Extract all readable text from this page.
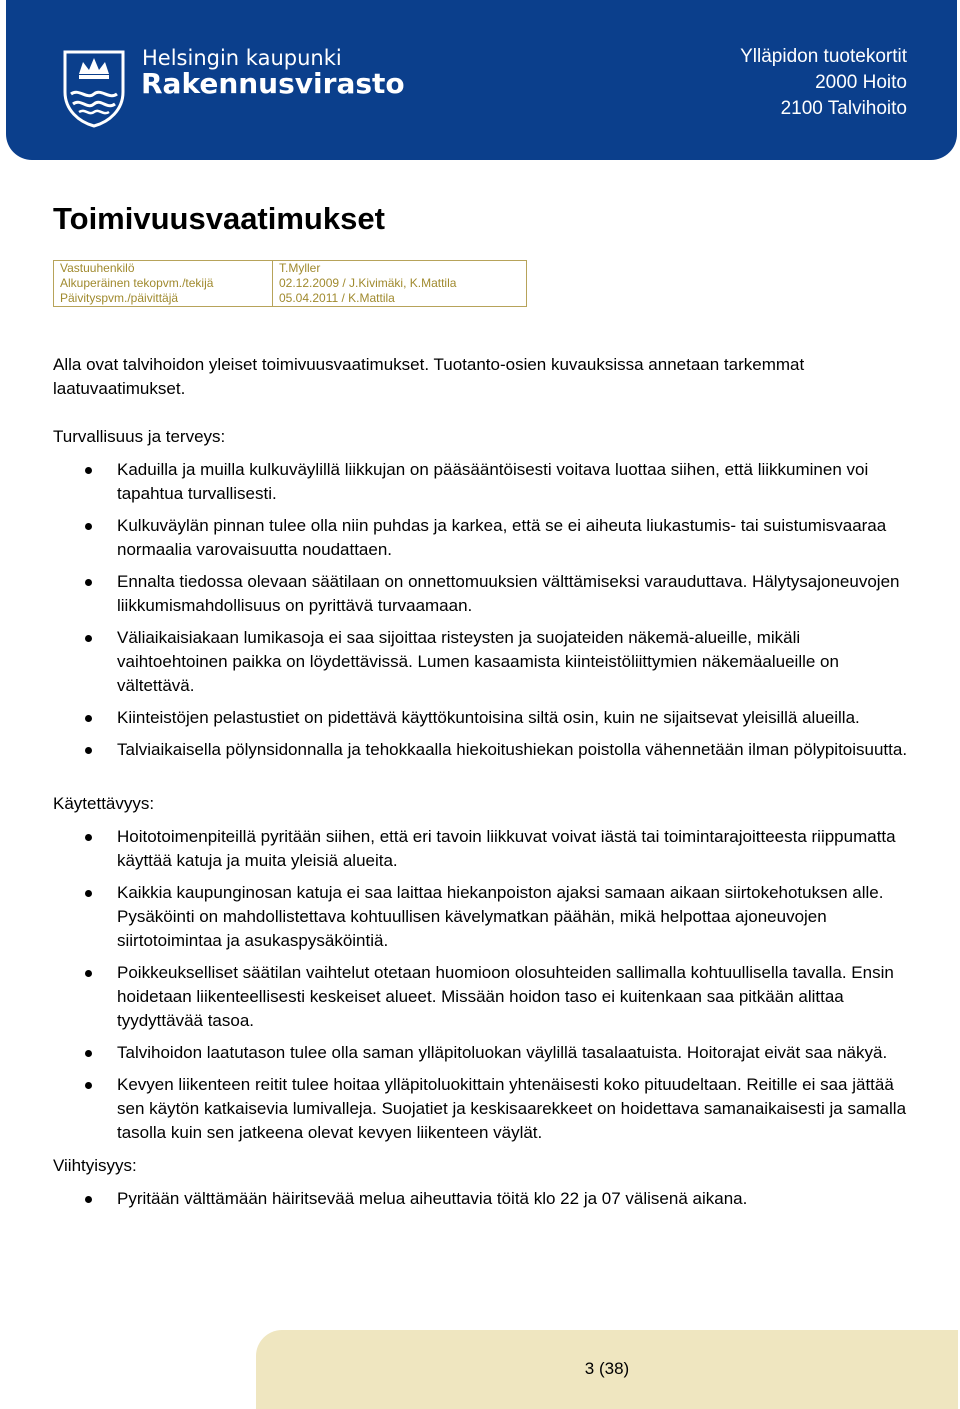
Helsingin kaupunki
Rakennusvirasto
Ylläpidon tuotekortit
2000 Hoito
2100 Talvihoito
Toimivuusvaatimukset
Vastuuhenkilö	T.Myller
Alkuperäinen tekopvm./tekijä	02.12.2009 / J.Kivimäki, K.Mattila
Päivityspvm./päivittäjä	05.04.2011 / K.Mattila

Alla ovat talvihoidon yleiset toimivuusvaatimukset. Tuotanto-osien kuvauksissa annetaan tarkemmat laatuvaatimukset.

Turvallisuus ja terveys:

Kaduilla ja muilla kulkuväylillä liikkujan on pääsääntöisesti voitava luottaa siihen, että liikkuminen voi tapahtua turvallisesti.
Kulkuväylän pinnan tulee olla niin puhdas ja karkea, että se ei aiheuta liukastumis- tai suistumisvaaraa normaalia varovaisuutta noudattaen.
Ennalta tiedossa olevaan säätilaan on onnettomuuksien välttämiseksi varauduttava. Hälytysajoneuvojen liikkumismahdollisuus on pyrittävä turvaamaan.
Väliaikaisiakaan lumikasoja ei saa sijoittaa risteysten ja suojateiden näkemä-alueille, mikäli vaihtoehtoinen paikka on löydettävissä. Lumen kasaamista kiinteistöliittymien näkemäalueille on vältettävä.
Kiinteistöjen pelastustiet on pidettävä käyttökuntoisina siltä osin, kuin ne sijaitsevat yleisillä alueilla.
Talviaikaisella pölynsidonnalla ja tehokkaalla hiekoitushiekan poistolla vähennetään ilman pölypitoisuutta.

Käytettävyys:

Hoitotoimenpiteillä pyritään siihen, että eri tavoin liikkuvat voivat iästä tai toimintarajoitteesta riippumatta käyttää katuja ja muita yleisiä alueita.
Kaikkia kaupunginosan katuja ei saa laittaa hiekanpoiston ajaksi samaan aikaan siirtokehotuksen alle. Pysäköinti on mahdollistettava kohtuullisen kävelymatkan päähän, mikä helpottaa ajoneuvojen siirtotoimintaa ja asukaspysäköintiä.
Poikkeukselliset säätilan vaihtelut otetaan huomioon olosuhteiden sallimalla kohtuullisella tavalla. Ensin hoidetaan liikenteellisesti keskeiset alueet. Missään hoidon taso ei kuitenkaan saa pitkään alittaa tyydyttävää tasoa.
Talvihoidon laatutason tulee olla saman ylläpitoluokan väylillä tasalaatuista. Hoitorajat eivät saa näkyä.
Kevyen liikenteen reitit tulee hoitaa ylläpitoluokittain yhtenäisesti koko pituudeltaan. Reitille ei saa jättää sen käytön katkaisevia lumivalleja. Suojatiet ja keskisaarekkeet on hoidettava samanaikaisesti ja samalla tasolla kuin sen jatkeena olevat kevyen liikenteen väylät.

Viihtyisyys:

Pyritään välttämään häiritsevää melua aiheuttavia töitä klo 22 ja 07 välisenä aikana.
3 (38)
